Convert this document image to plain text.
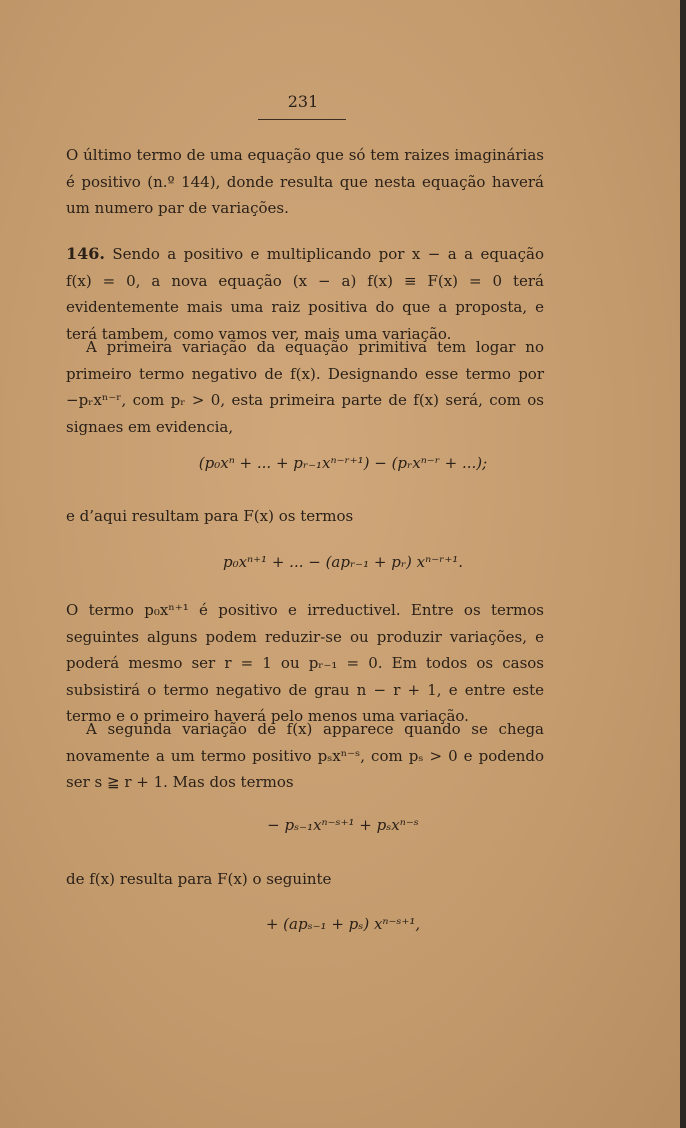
231
O último termo de uma equação que só tem raizes imaginárias é positivo (n.º 144), donde resulta que nesta equação haverá um numero par de variações.
146. Sendo a positivo e multiplicando por x − a a equação f(x) = 0, a nova equação (x − a) f(x) ≡ F(x) = 0 terá evidentemente mais uma raiz positiva do que a proposta, e terá tambem, como vamos ver, mais uma variação.
A primeira variação da equação primitiva tem logar no primeiro termo negativo de f(x). Designando esse termo por −pᵣxⁿ⁻ʳ, com pᵣ > 0, esta primeira parte de f(x) será, com os signaes em evidencia,
(p₀xⁿ + ... + pᵣ₋₁xⁿ⁻ʳ⁺¹) − (pᵣxⁿ⁻ʳ + ...);
e d’aqui resultam para F(x) os termos
p₀xⁿ⁺¹ + ... − (apᵣ₋₁ + pᵣ) xⁿ⁻ʳ⁺¹.
O termo p₀xⁿ⁺¹ é positivo e irreductivel. Entre os termos seguintes alguns podem reduzir-se ou produzir variações, e poderá mesmo ser r = 1 ou pᵣ₋₁ = 0. Em todos os casos subsistirá o termo negativo de grau n − r + 1, e entre este termo e o primeiro haverá pelo menos uma variação.
A segunda variação de f(x) apparece quando se chega novamente a um termo positivo pₛxⁿ⁻ˢ, com pₛ > 0 e podendo ser s ≧ r + 1. Mas dos termos
− pₛ₋₁xⁿ⁻ˢ⁺¹ + pₛxⁿ⁻ˢ
de f(x) resulta para F(x) o seguinte
+ (apₛ₋₁ + pₛ) xⁿ⁻ˢ⁺¹,
